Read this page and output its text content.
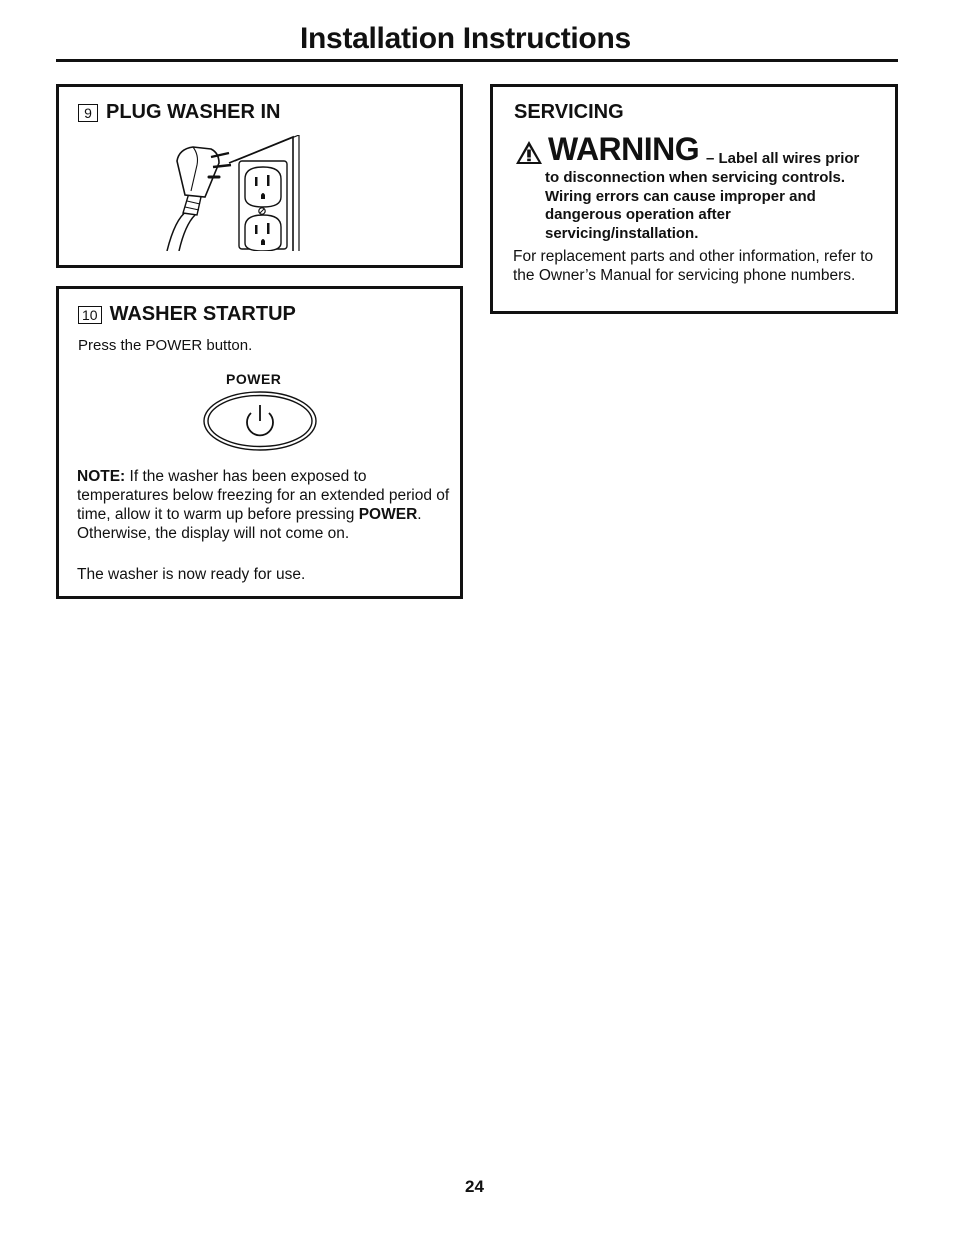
Installation Instructions
9 PLUG WASHER IN
10 WASHER STARTUP
Press the POWER button.
POWER
NOTE: If the washer has been exposed to temperatures below freezing for an extended period of time, allow it to warm up before pressing POWER. Otherwise, the display will not come on.
The washer is now ready for use.
SERVICING
WARNING – Label all wires prior
to disconnection when servicing controls.
Wiring errors can cause improper and
dangerous operation after
servicing/installation.
For replacement parts and other information, refer to the Owner’s Manual for servicing phone numbers.
24
